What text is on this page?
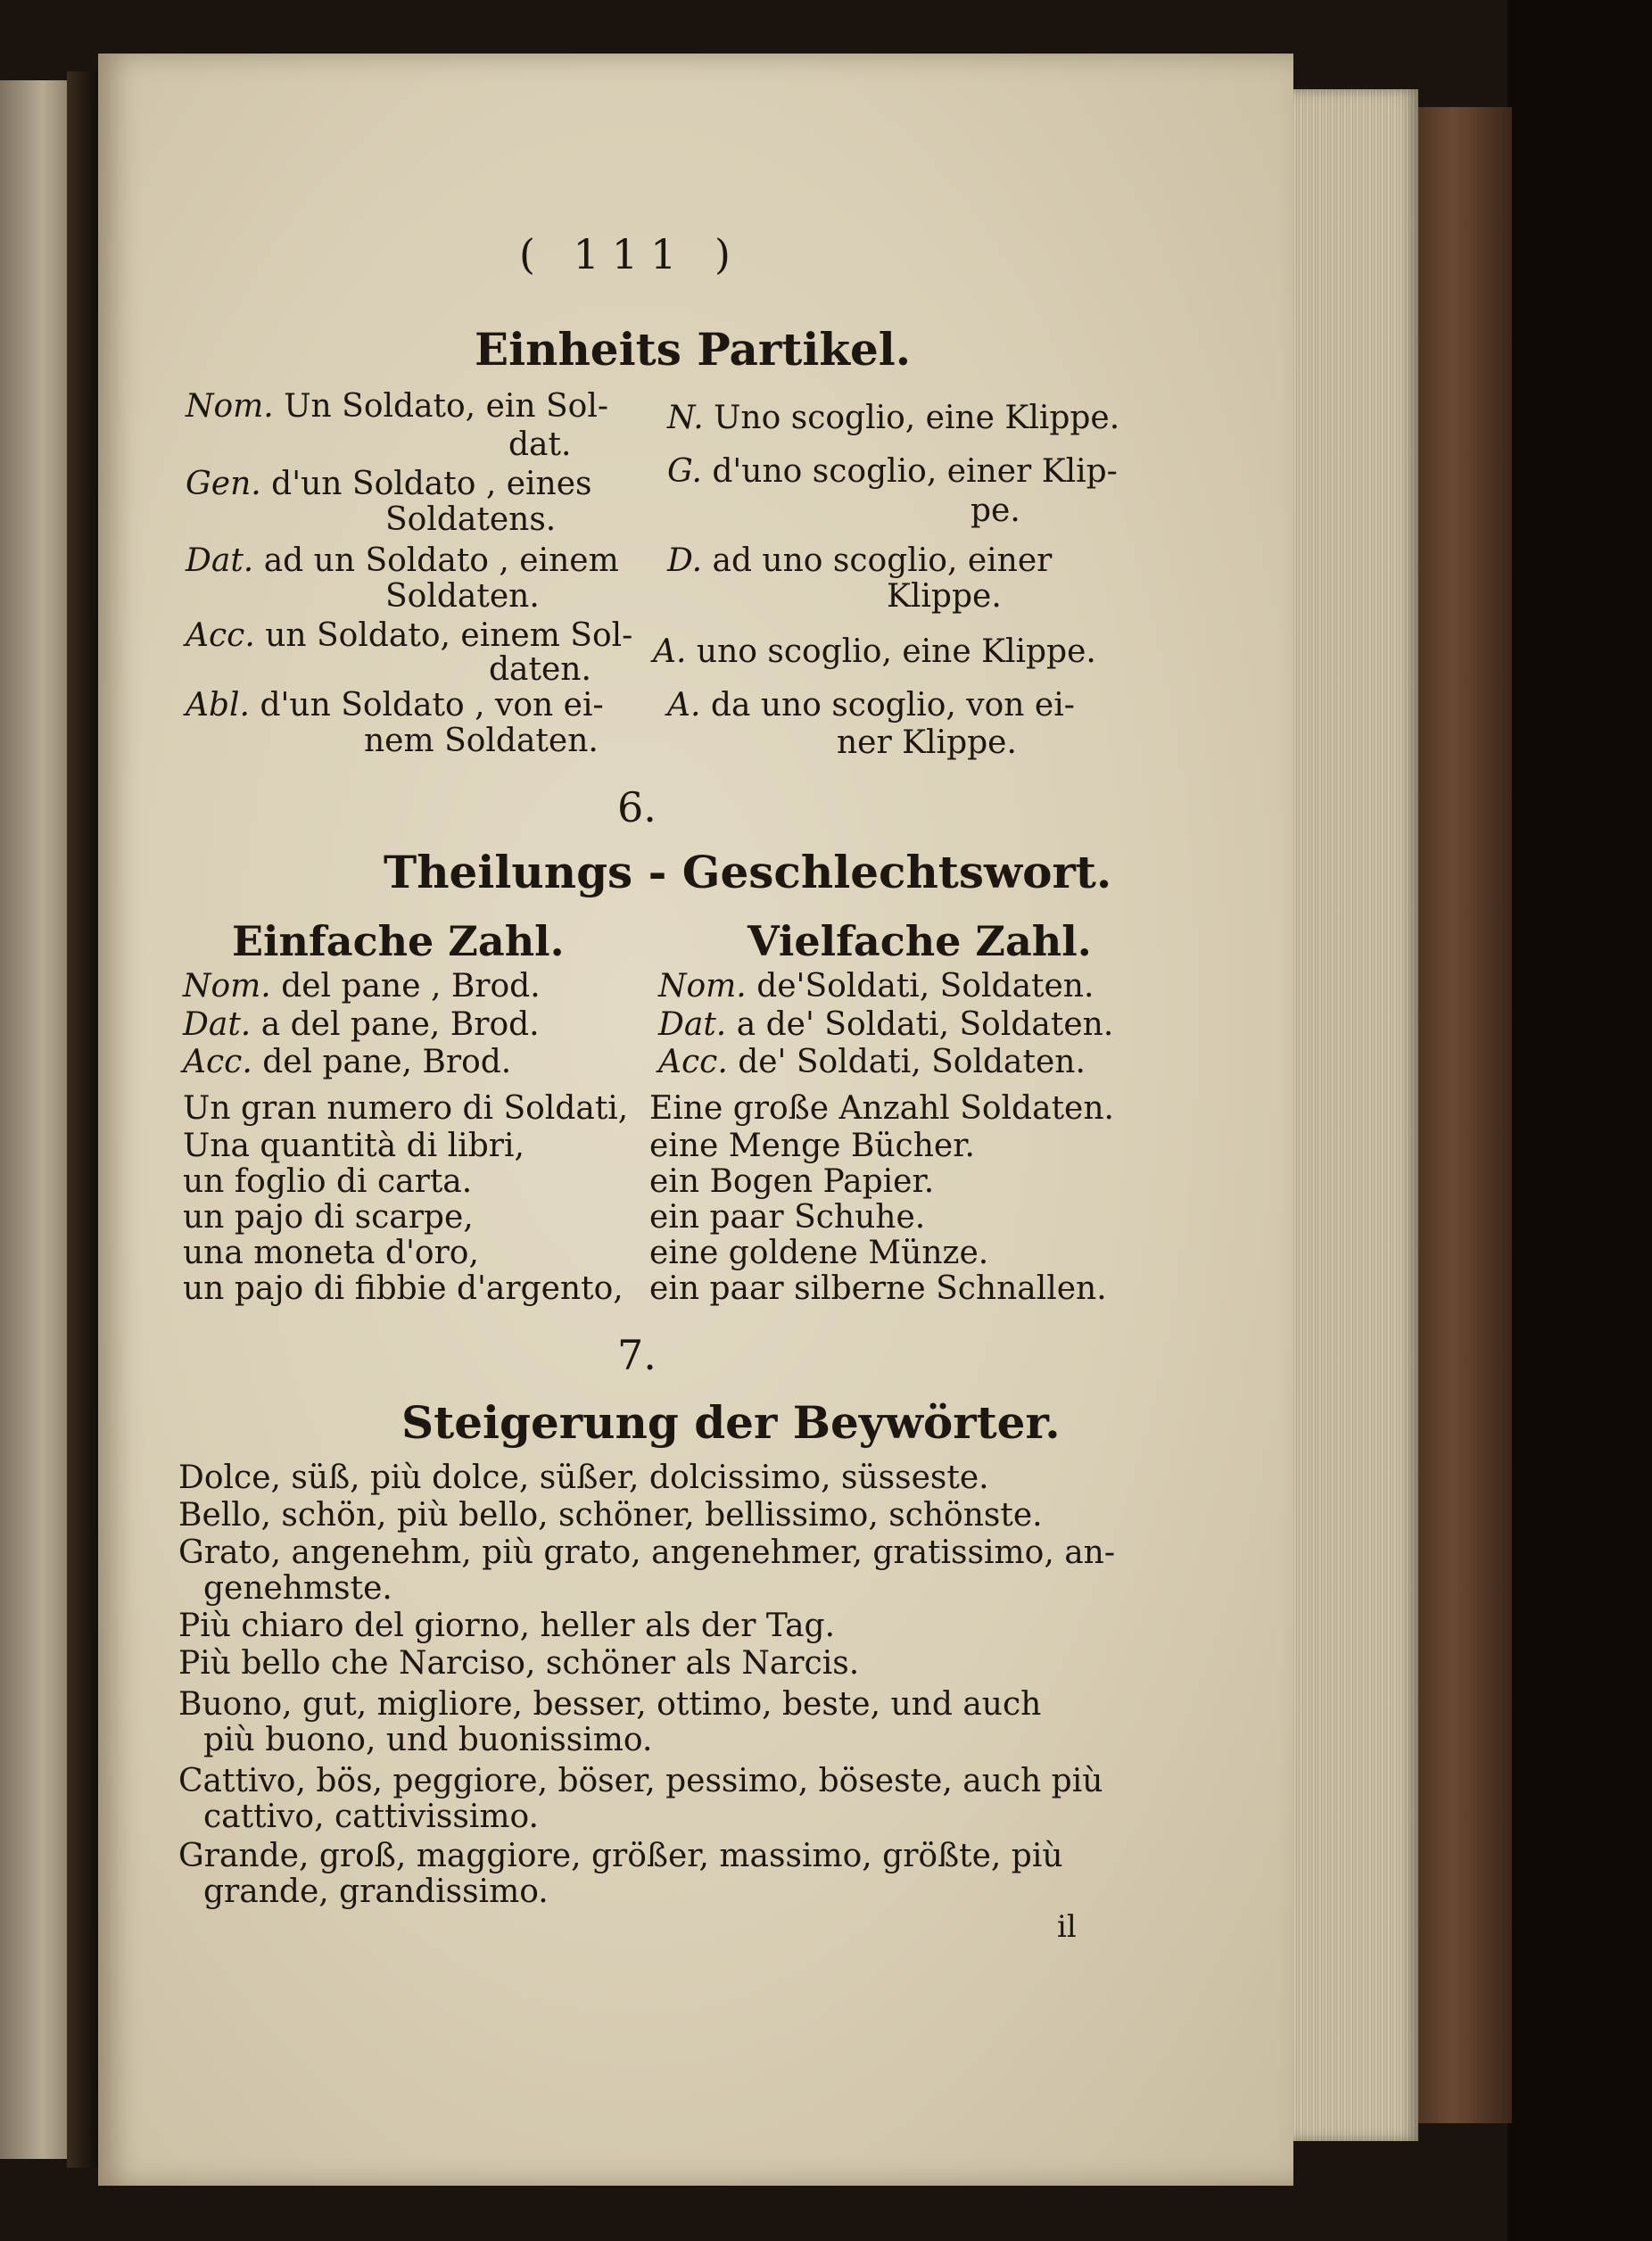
( 111 )
Einheits Partikel.
Nom. Un Soldato, ein Sol-
dat.
Gen. d'un Soldato , eines
Soldatens.
Dat. ad un Soldato , einem
Soldaten.
Acc. un Soldato, einem Sol-
daten.
Abl. d'un Soldato , von ei-
nem Soldaten.
N. Uno scoglio, eine Klippe.
G. d'uno scoglio, einer Klip-
pe.
D. ad uno scoglio, einer
Klippe.
A. uno scoglio, eine Klippe.
A. da uno scoglio, von ei-
ner Klippe.
6.
Theilungs - Geschlechtswort.
Einfache Zahl.	Vielfache Zahl.
Nom. del pane , Brod.
Dat. a del pane, Brod.
Acc. del pane, Brod.
Nom. de'Soldati, Soldaten.
Dat. a de' Soldati, Soldaten.
Acc. de' Soldati, Soldaten.
Un gran numero di Soldati,
Una quantità di libri,
un foglio di carta.
un pajo di scarpe,
una moneta d'oro,
un pajo di fibbie d'argento,
Eine große Anzahl Soldaten.
eine Menge Bücher.
ein Bogen Papier.
ein paar Schuhe.
eine goldene Münze.
ein paar silberne Schnallen.
7.
Steigerung der Beywörter.
Dolce, süß, più dolce, süßer, dolcissimo, süsseste.
Bello, schön, più bello, schöner, bellissimo, schönste.
Grato, angenehm, più grato, angenehmer, gratissimo, an-
genehmste.
Più chiaro del giorno, heller als der Tag.
Più bello che Narciso, schöner als Narcis.
Buono, gut, migliore, besser, ottimo, beste, und auch
più buono, und buonissimo.
Cattivo, bös, peggiore, böser, pessimo, böseste, auch più
cattivo, cattivissimo.
Grande, groß, maggiore, größer, massimo, größte, più
grande, grandissimo.
il
